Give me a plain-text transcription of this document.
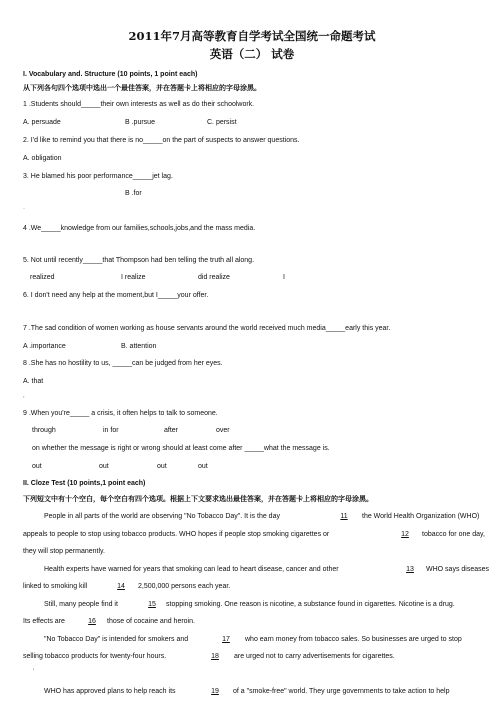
2011年7月高等教育自学考试全国统一命题考试
英语（二） 试卷
I. Vocabulary and. Structure (10 points, 1 point each)
从下列各句四个选项中选出一个最佳答案，并在答题卡上将相应的字母涂黑。
1 .Students should_____their own interests as well as do their schoolwork.
A. persuade	B .pursue	C. persist
2. I'd like to remind you that there is no_____on the part of suspects to answer questions.
A. obligation
3. He blamed his poor performance_____jet lag.
B .for
·
4 .We_____knowledge from our families,schools,jobs,and the mass media.
5. Not until recently_____that Thompson had ben telling the truth all along.
realized	I realize	did realize	I
6. I don't need any help at the moment,but I_____your offer.
7 .The sad condition of women working as house servants around the world received much media_____early this year.
A .importance	B. attention
8 .She has no hostility to us, _____can be judged from her eyes.
A. that
,
9 .When you're_____ a crisis, it often helps to talk to someone.
through	in for	after	over
on whether the message is right or wrong should at least come after _____what the message is.
out	out	out	out
II. Cloze Test (10 points,1 point each)
下列短文中有十个空白，每个空白有四个选项。根据上下文要求选出最佳答案，并在答题卡上将相应的字母涂黑。
People in all parts of the world are observing "No Tobacco Day". It is the day	11	the World Health Organization (WHO)
appeals to people to stop using tobacco products. WHO hopes if people stop smoking cigarettes or	12	tobacco for one day,
they will stop permanently.
Health experts have warned for years that smoking can lead to heart disease, cancer and other	13	WHO says diseases
linked to smoking kill	14	2,500,000 persons each year.
Still, many people find it	15	stopping smoking. One reason is nicotine, a substance found in cigarettes. Nicotine is a drug.
Its effects are	16	those of cocaine and heroin.
"No Tobacco Day" is intended for smokers and	17	who earn money from tobacco sales. So businesses are urged to stop
selling tobacco products for twenty-four hours.	18	are urged not to carry advertisements for cigarettes.
′
WHO has approved plans to help reach its	19	of a "smoke-free" world. They urge governments to take action to help
